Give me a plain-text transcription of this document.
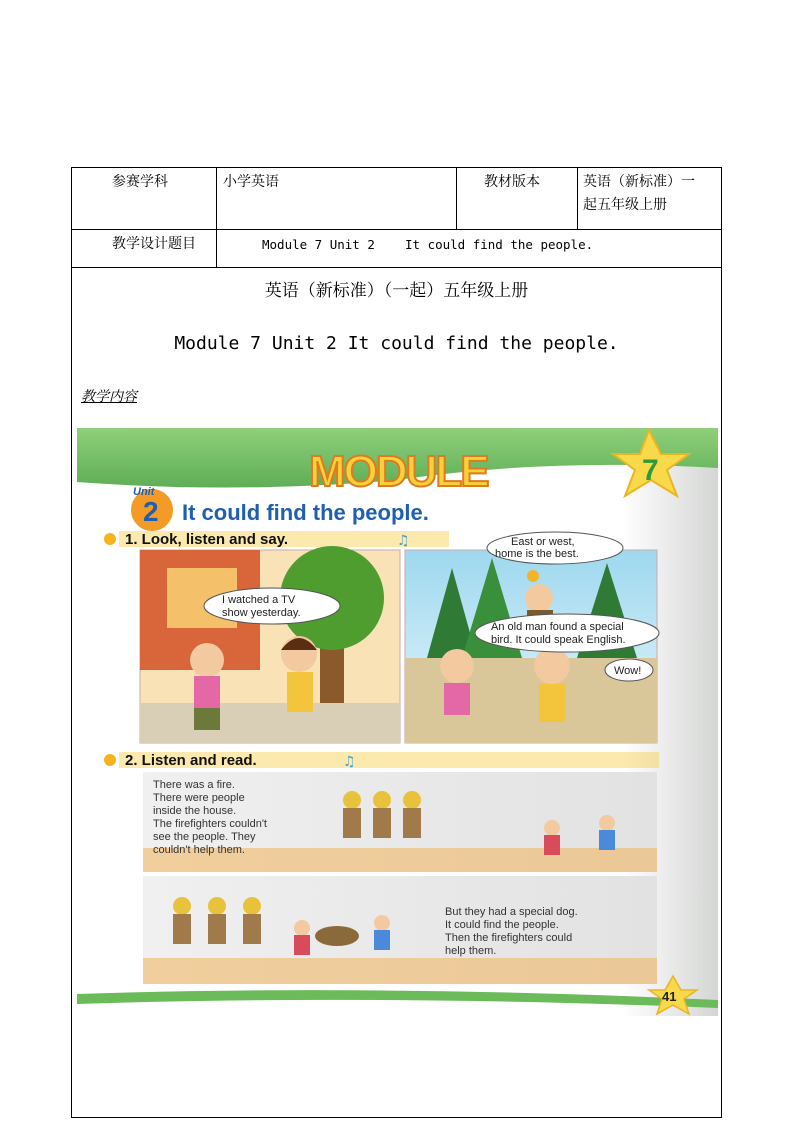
参赛学科	小学英语	教材版本	英语（新标准）一
起五年级上册
教学设计题目	Module 7 Unit 2    It could find the people.
英语（新标准）（一起）五年级上册
Module 7 Unit 2 It could find the people.
教学内容
MODULE	7
Unit
2 It could find the people.
1. Look, listen and say.	♫
I watched a TV
show yesterday.
East or west,
home is the best.
An old man found a special
bird. It could speak English.
Wow!
2. Listen and read.	♫
There was a fire.
There were people
inside the house.
The firefighters couldn't
see the people. They
couldn't help them.
But they had a special dog.
It could find the people.
Then the firefighters could
help them.
41
